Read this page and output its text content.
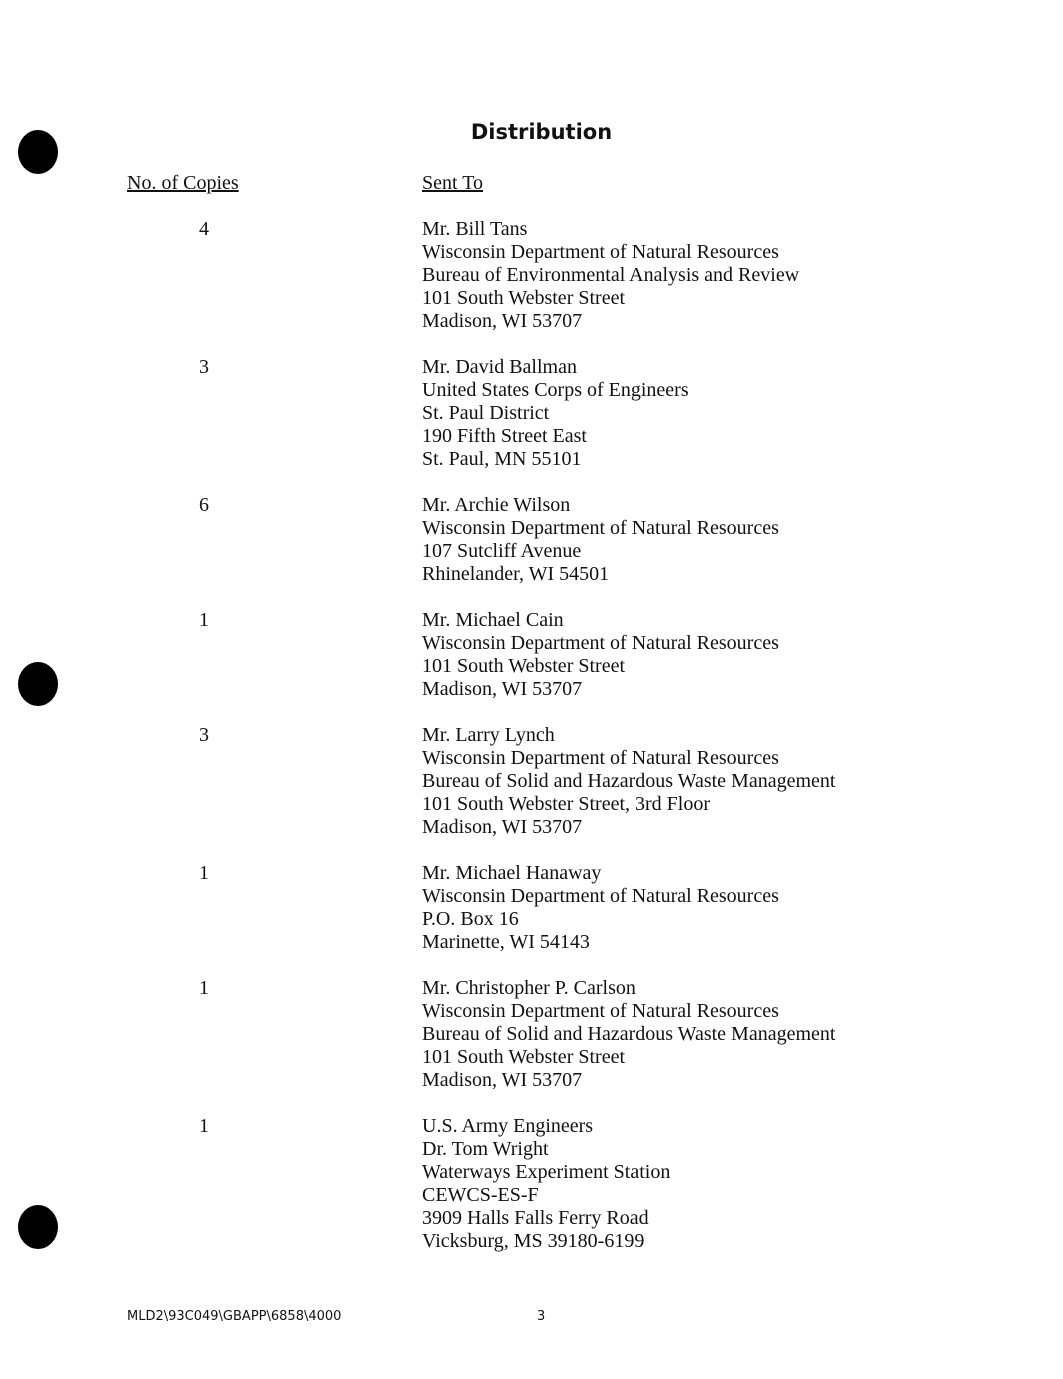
Distribution
No. of Copies	Sent To
4	Mr. Bill Tans
Wisconsin Department of Natural Resources
Bureau of Environmental Analysis and Review
101 South Webster Street
Madison, WI 53707
3	Mr. David Ballman
United States Corps of Engineers
St. Paul District
190 Fifth Street East
St. Paul, MN 55101
6	Mr. Archie Wilson
Wisconsin Department of Natural Resources
107 Sutcliff Avenue
Rhinelander, WI 54501
1	Mr. Michael Cain
Wisconsin Department of Natural Resources
101 South Webster Street
Madison, WI 53707
3	Mr. Larry Lynch
Wisconsin Department of Natural Resources
Bureau of Solid and Hazardous Waste Management
101 South Webster Street, 3rd Floor
Madison, WI 53707
1	Mr. Michael Hanaway
Wisconsin Department of Natural Resources
P.O. Box 16
Marinette, WI 54143
1	Mr. Christopher P. Carlson
Wisconsin Department of Natural Resources
Bureau of Solid and Hazardous Waste Management
101 South Webster Street
Madison, WI 53707
1	U.S. Army Engineers
Dr. Tom Wright
Waterways Experiment Station
CEWCS-ES-F
3909 Halls Falls Ferry Road
Vicksburg, MS 39180-6199
MLD2\93C049\GBAPP\6858\4000	3
